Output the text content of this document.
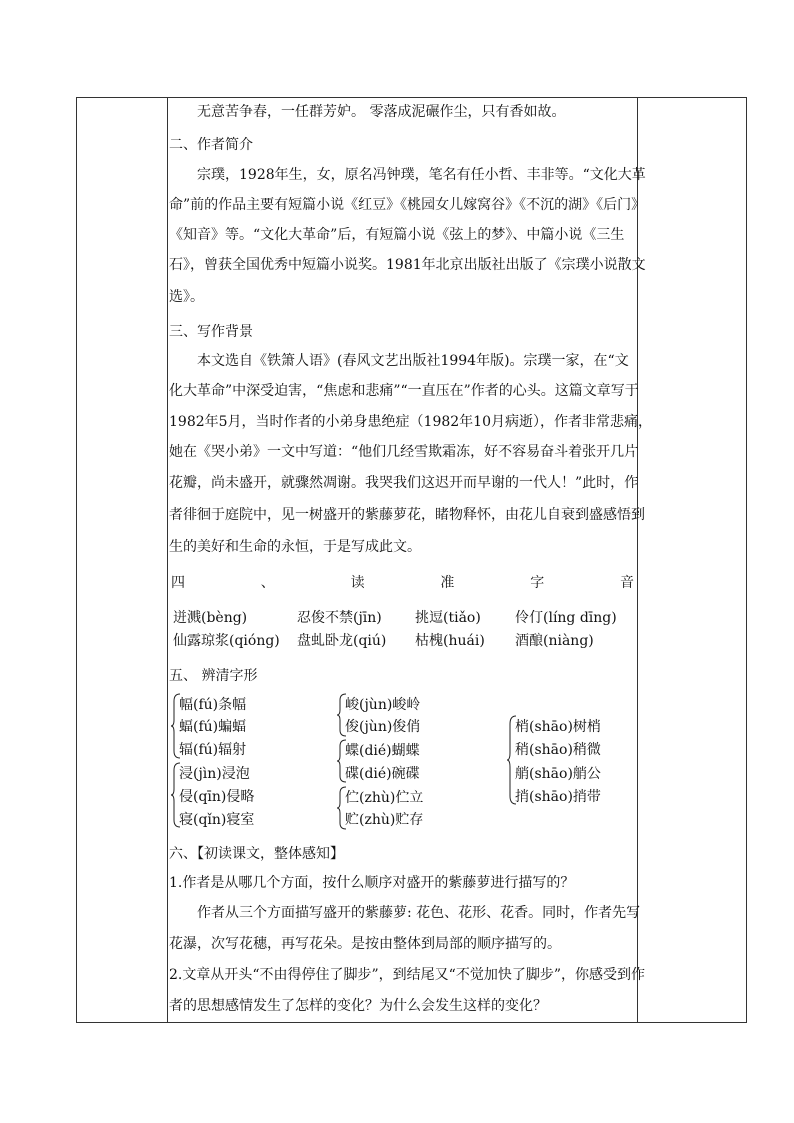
无意苦争春，一任群芳妒。 零落成泥碾作尘，只有香如故。
二、作者简介
宗璞，1928年生，女，原名冯钟璞，笔名有任小哲、丰非等。“文化大革
命”前的作品主要有短篇小说《红豆》《桃园女儿嫁窝谷》《不沉的湖》《后门》
《知音》等。“文化大革命”后，有短篇小说《弦上的梦》、中篇小说《三生
石》，曾获全国优秀中短篇小说奖。1981年北京出版社出版了《宗璞小说散文
选》。
三、写作背景
本文选自《铁箫人语》(春风文艺出版社1994年版)。宗璞一家，在“文
化大革命”中深受迫害，“焦虑和悲痛”“一直压在”作者的心头。这篇文章写于
1982年5月，当时作者的小弟身患绝症（1982年10月病逝），作者非常悲痛，
她在《哭小弟》一文中写道：“他们几经雪欺霜冻，好不容易奋斗着张开几片
花瓣，尚未盛开，就骤然凋谢。我哭我们这迟开而早谢的一代人！”此时，作
者徘徊于庭院中，见一树盛开的紫藤萝花，睹物释怀，由花儿自衰到盛感悟到
生的美好和生命的永恒，于是写成此文。
四	、	读	准	字	音
迸溅(bèng)	忍俊不禁(jīn) 挑逗(tiǎo) 伶仃(líng dīng)
仙露琼浆(qióng) 盘虬卧龙(qiú) 枯槐(huái) 酒酿(niàng)
五、 辨清字形
幅(fú)条幅
蝠(fú)蝙蝠
辐(fú)辐射
浸(jìn)浸泡
侵(qīn)侵略
寝(qǐn)寝室
峻(jùn)峻岭
俊(jùn)俊俏
蝶(dié)蝴蝶
碟(dié)碗碟
伫(zhù)伫立
贮(zhù)贮存
梢(shāo)树梢
稍(shāo)稍微
艄(shāo)艄公
捎(shāo)捎带
六、【初读课文，整体感知】
1.作者是从哪几个方面，按什么顺序对盛开的紫藤萝进行描写的？
作者从三个方面描写盛开的紫藤萝: 花色、花形、花香。同时，作者先写
花瀑，次写花穗，再写花朵。是按由整体到局部的顺序描写的。
2.文章从开头“不由得停住了脚步”，到结尾又“不觉加快了脚步”，你感受到作
者的思想感情发生了怎样的变化？为什么会发生这样的变化？
